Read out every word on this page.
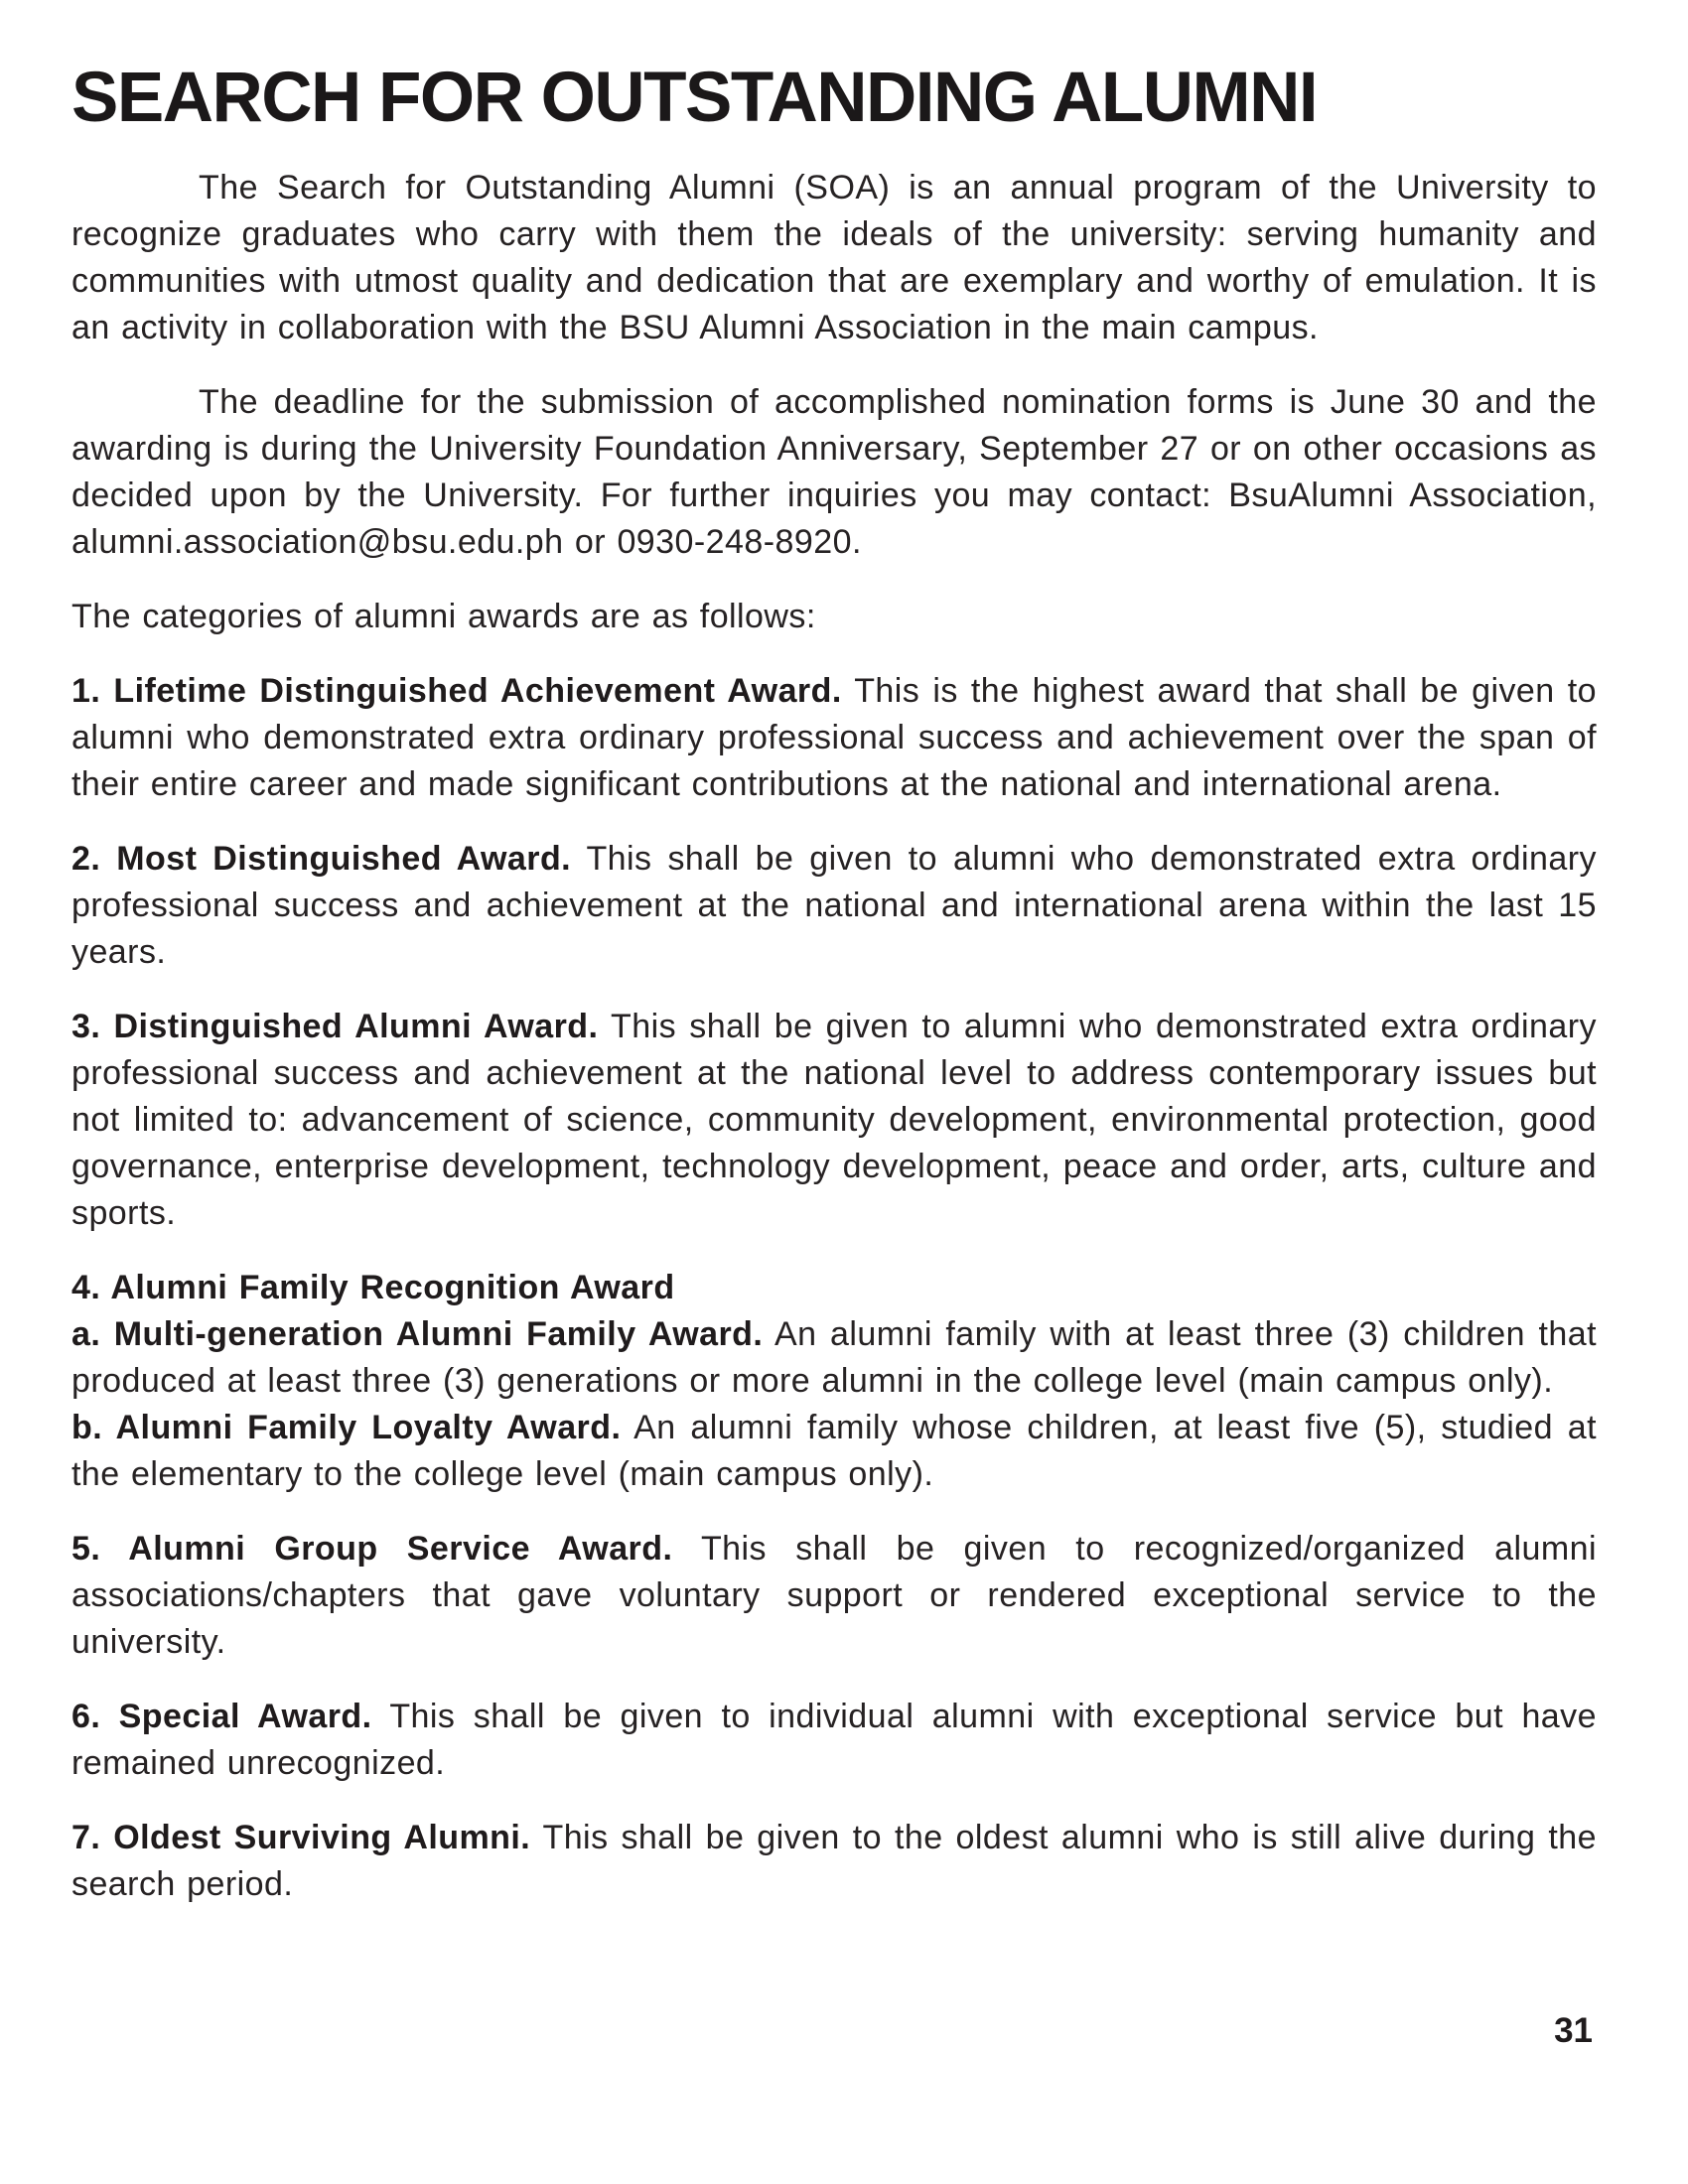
SEARCH FOR OUTSTANDING ALUMNI

The Search for Outstanding Alumni (SOA) is an annual program of the University to recognize graduates who carry with them the ideals of the university: serving humanity and communities with utmost quality and dedication that are exemplary and worthy of emulation. It is an activity in collaboration with the BSU Alumni Association in the main campus.

The deadline for the submission of accomplished nomination forms is June 30 and the awarding is during the University Foundation Anniversary, September 27 or on other occasions as decided upon by the University. For further inquiries you may contact: BsuAlumni Association, alumni.association@bsu.edu.ph or 0930-248-8920.

The categories of alumni awards are as follows:

1. Lifetime Distinguished Achievement Award. This is the highest award that shall be given to alumni who demonstrated extra ordinary professional success and achievement over the span of their entire career and made significant contributions at the national and international arena.

2. Most Distinguished Award. This shall be given to alumni who demonstrated extra ordinary professional success and achievement at the national and international arena within the last 15 years.

3. Distinguished Alumni Award. This shall be given to alumni who demonstrated extra ordinary professional success and achievement at the national level to address contemporary issues but not limited to: advancement of science, community development, environmental protection, good governance, enterprise development, technology development, peace and order, arts, culture and sports.

4. Alumni Family Recognition Award

a. Multi-generation Alumni Family Award. An alumni family with at least three (3) children that produced at least three (3) generations or more alumni in the college level (main campus only).

b. Alumni Family Loyalty Award. An alumni family whose children, at least five (5), studied at the elementary to the college level (main campus only).

5. Alumni Group Service Award. This shall be given to recognized/organized alumni associations/chapters that gave voluntary support or rendered exceptional service to the university.

6. Special Award. This shall be given to individual alumni with exceptional service but have remained unrecognized.

7. Oldest Surviving Alumni. This shall be given to the oldest alumni who is still alive during the search period.

31
